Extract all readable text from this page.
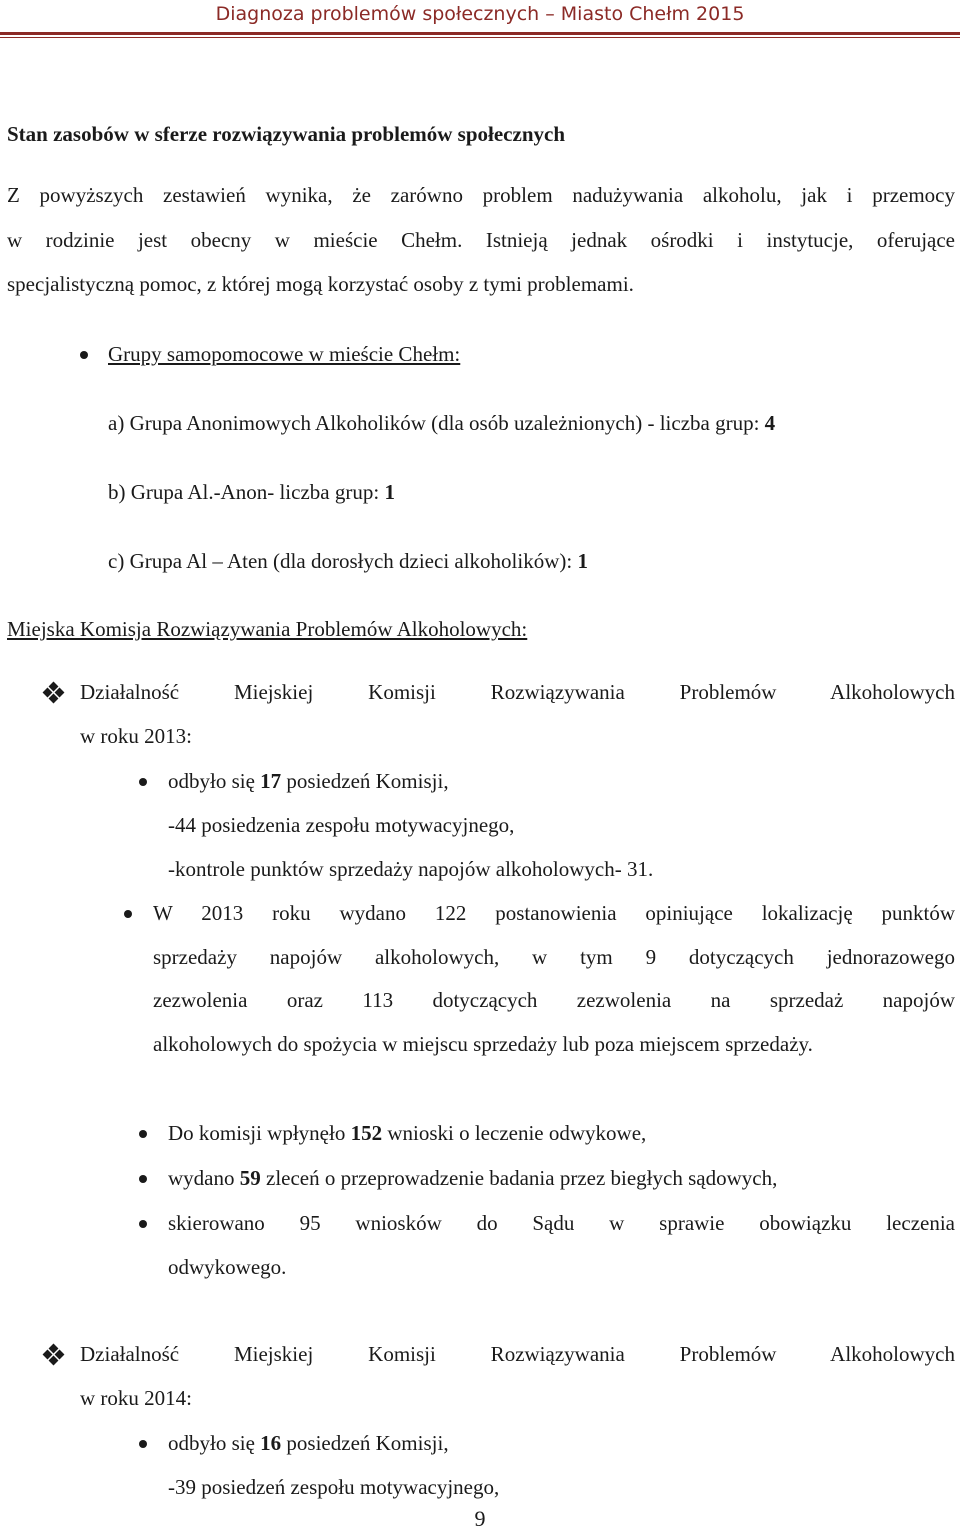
Diagnoza problemów społecznych – Miasto Chełm 2015
Stan zasobów w sferze rozwiązywania problemów społecznych
Z powyższych zestawień wynika, że zarówno problem nadużywania alkoholu, jak i przemocy
w rodzinie jest obecny w mieście Chełm. Istnieją jednak ośrodki i instytucje, oferujące
specjalistyczną pomoc, z której mogą korzystać osoby z tymi problemami.
Grupy samopomocowe w mieście Chełm:
a) Grupa Anonimowych Alkoholików (dla osób uzależnionych) - liczba grup: 4
b) Grupa Al.-Anon- liczba grup: 1
c) Grupa Al – Aten (dla dorosłych dzieci alkoholików): 1
Miejska Komisja Rozwiązywania Problemów Alkoholowych:
Działalność Miejskiej Komisji Rozwiązywania Problemów Alkoholowych
w roku 2013:
odbyło się 17 posiedzeń Komisji,
-44 posiedzenia zespołu motywacyjnego,
-kontrole punktów sprzedaży napojów alkoholowych- 31.
W 2013 roku wydano 122 postanowienia opiniujące lokalizację punktów
sprzedaży napojów alkoholowych, w tym 9 dotyczących jednorazowego
zezwolenia oraz 113 dotyczących zezwolenia na sprzedaż napojów
alkoholowych do spożycia w miejscu sprzedaży lub poza miejscem sprzedaży.
Do komisji wpłynęło 152 wnioski o leczenie odwykowe,
wydano 59 zleceń o przeprowadzenie badania przez biegłych sądowych,
skierowano 95 wniosków do Sądu w sprawie obowiązku leczenia
odwykowego.
Działalność Miejskiej Komisji Rozwiązywania Problemów Alkoholowych
w roku 2014:
odbyło się 16 posiedzeń Komisji,
-39 posiedzeń zespołu motywacyjnego,
9
